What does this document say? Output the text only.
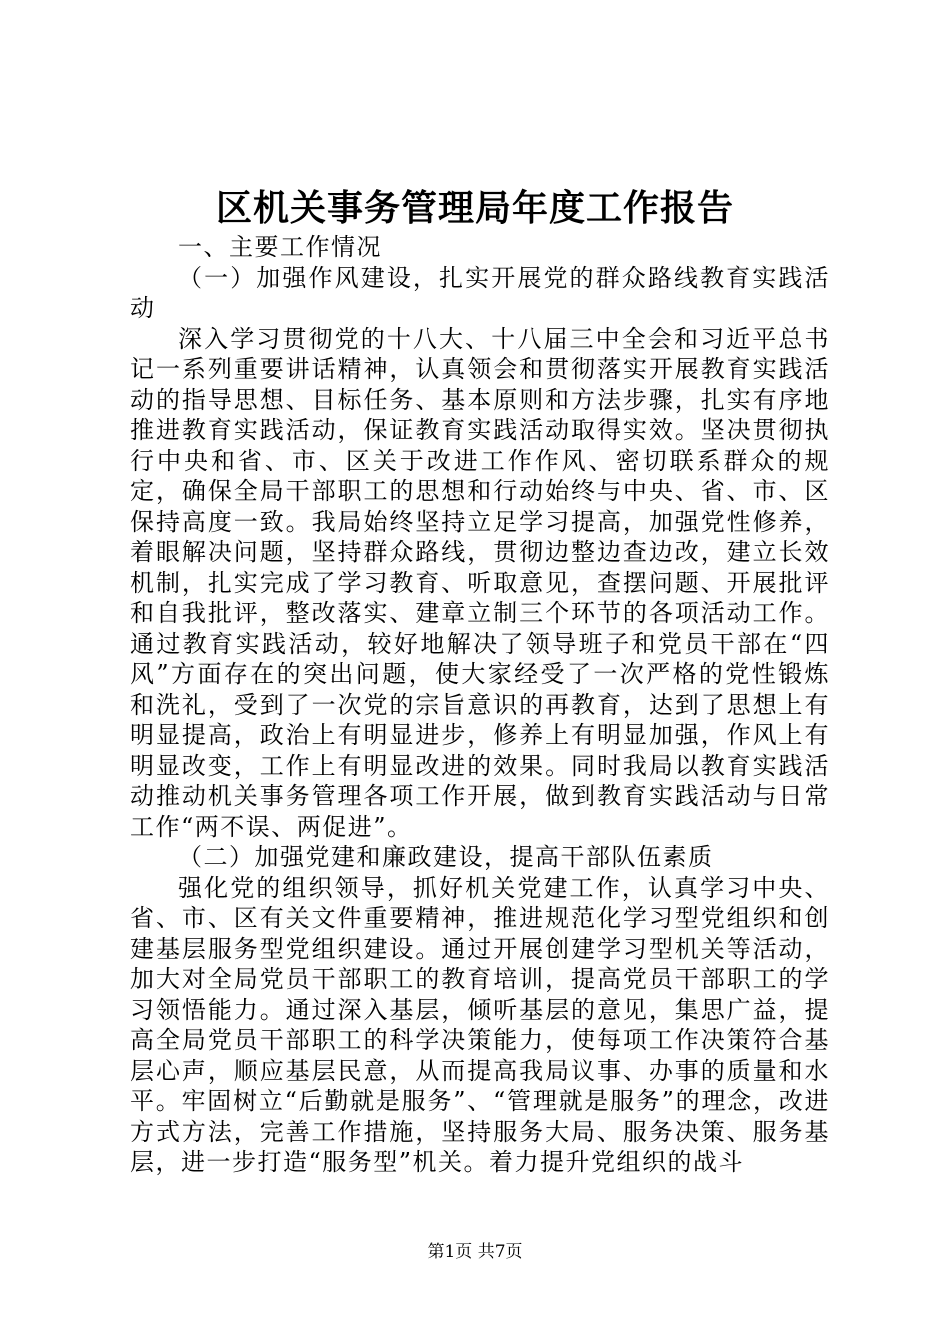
区机关事务管理局年度工作报告

一、主要工作情况

（一）加强作风建设，扎实开展党的群众路线教育实践活动

深入学习贯彻党的十八大、十八届三中全会和习近平总书记一系列重要讲话精神，认真领会和贯彻落实开展教育实践活动的指导思想、目标任务、基本原则和方法步骤，扎实有序地推进教育实践活动，保证教育实践活动取得实效。坚决贯彻执行中央和省、市、区关于改进工作作风、密切联系群众的规定，确保全局干部职工的思想和行动始终与中央、省、市、区保持高度一致。我局始终坚持立足学习提高，加强党性修养，着眼解决问题，坚持群众路线，贯彻边整边查边改，建立长效机制，扎实完成了学习教育、听取意见，查摆问题、开展批评和自我批评，整改落实、建章立制三个环节的各项活动工作。通过教育实践活动，较好地解决了领导班子和党员干部在“四风”方面存在的突出问题，使大家经受了一次严格的党性锻炼和洗礼，受到了一次党的宗旨意识的再教育，达到了思想上有明显提高，政治上有明显进步，修养上有明显加强，作风上有明显改变，工作上有明显改进的效果。同时我局以教育实践活动推动机关事务管理各项工作开展，做到教育实践活动与日常工作“两不误、两促进”。

（二）加强党建和廉政建设，提高干部队伍素质

强化党的组织领导，抓好机关党建工作，认真学习中央、省、市、区有关文件重要精神，推进规范化学习型党组织和创建基层服务型党组织建设。通过开展创建学习型机关等活动，加大对全局党员干部职工的教育培训，提高党员干部职工的学习领悟能力。通过深入基层，倾听基层的意见，集思广益，提高全局党员干部职工的科学决策能力，使每项工作决策符合基层心声，顺应基层民意，从而提高我局议事、办事的质量和水平。牢固树立“后勤就是服务”、“管理就是服务”的理念，改进方式方法，完善工作措施，坚持服务大局、服务决策、服务基层，进一步打造“服务型”机关。着力提升党组织的战斗

第1页 共7页
